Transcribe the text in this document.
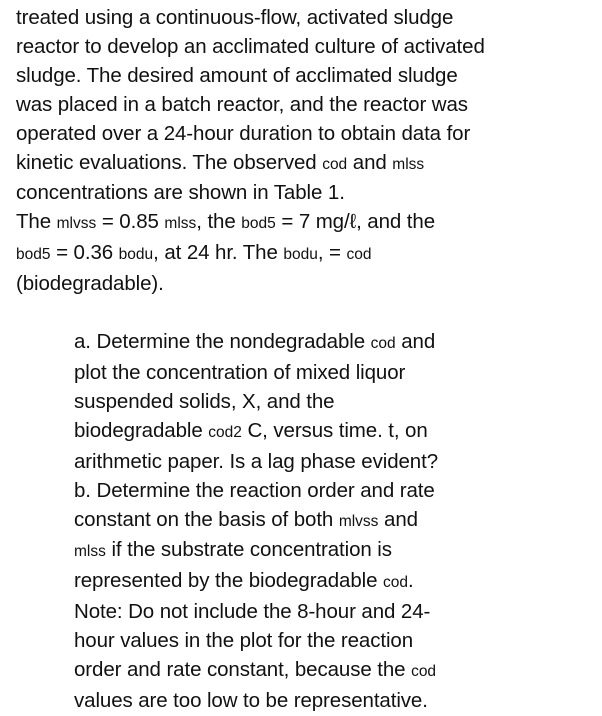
treated using a continuous-flow, activated sludge

reactor to develop an acclimated culture of activated

sludge. The desired amount of acclimated sludge

was placed in a batch reactor, and the reactor was

operated over a 24-hour duration to obtain data for

kinetic evaluations. The observed cod and mlss

concentrations are shown in Table 1.

The mlvss = 0.85 mlss, the bod5 = 7 mg/ℓ, and the

bod5 = 0.36 bodu, at 24 hr. The bodu, = cod

(biodegradable).

a. Determine the nondegradable cod and

plot the concentration of mixed liquor

suspended solids, X, and the

biodegradable cod2 C, versus time. t, on

arithmetic paper. Is a lag phase evident?

b. Determine the reaction order and rate

constant on the basis of both mlvss and

mlss if the substrate concentration is

represented by the biodegradable cod.

Note: Do not include the 8-hour and 24-

hour values in the plot for the reaction

order and rate constant, because the cod

values are too low to be representative.
